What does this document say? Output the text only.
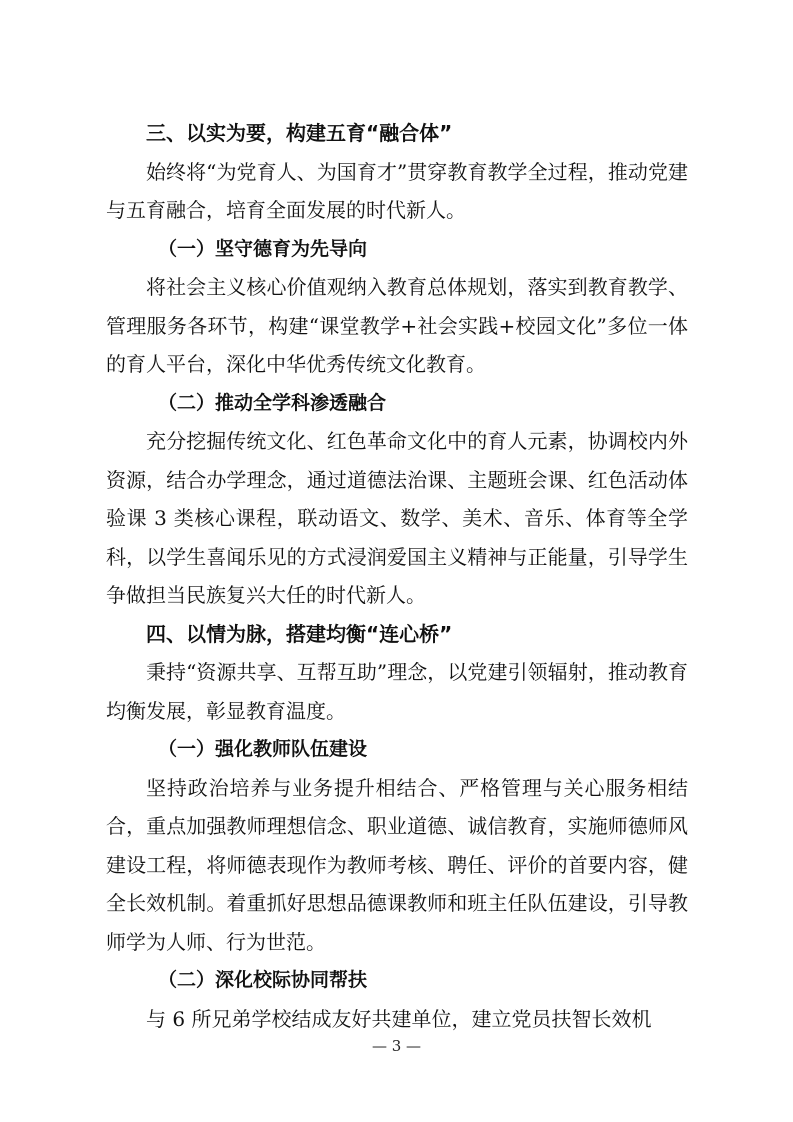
三、以实为要，构建五育“融合体”

始终将“为党育人、为国育才”贯穿教育教学全过程，推动党建与五育融合，培育全面发展的时代新人。

（一）坚守德育为先导向

将社会主义核心价值观纳入教育总体规划，落实到教育教学、管理服务各环节，构建“课堂教学+社会实践+校园文化”多位一体的育人平台，深化中华优秀传统文化教育。

（二）推动全学科渗透融合

充分挖掘传统文化、红色革命文化中的育人元素，协调校内外资源，结合办学理念，通过道德法治课、主题班会课、红色活动体验课 3 类核心课程，联动语文、数学、美术、音乐、体育等全学科，以学生喜闻乐见的方式浸润爱国主义精神与正能量，引导学生争做担当民族复兴大任的时代新人。

四、以情为脉，搭建均衡“连心桥”

秉持“资源共享、互帮互助”理念，以党建引领辐射，推动教育均衡发展，彰显教育温度。

（一）强化教师队伍建设

坚持政治培养与业务提升相结合、严格管理与关心服务相结合，重点加强教师理想信念、职业道德、诚信教育，实施师德师风建设工程，将师德表现作为教师考核、聘任、评价的首要内容，健全长效机制。着重抓好思想品德课教师和班主任队伍建设，引导教师学为人师、行为世范。

（二）深化校际协同帮扶

与 6 所兄弟学校结成友好共建单位，建立党员扶智长效机

— 3 —
